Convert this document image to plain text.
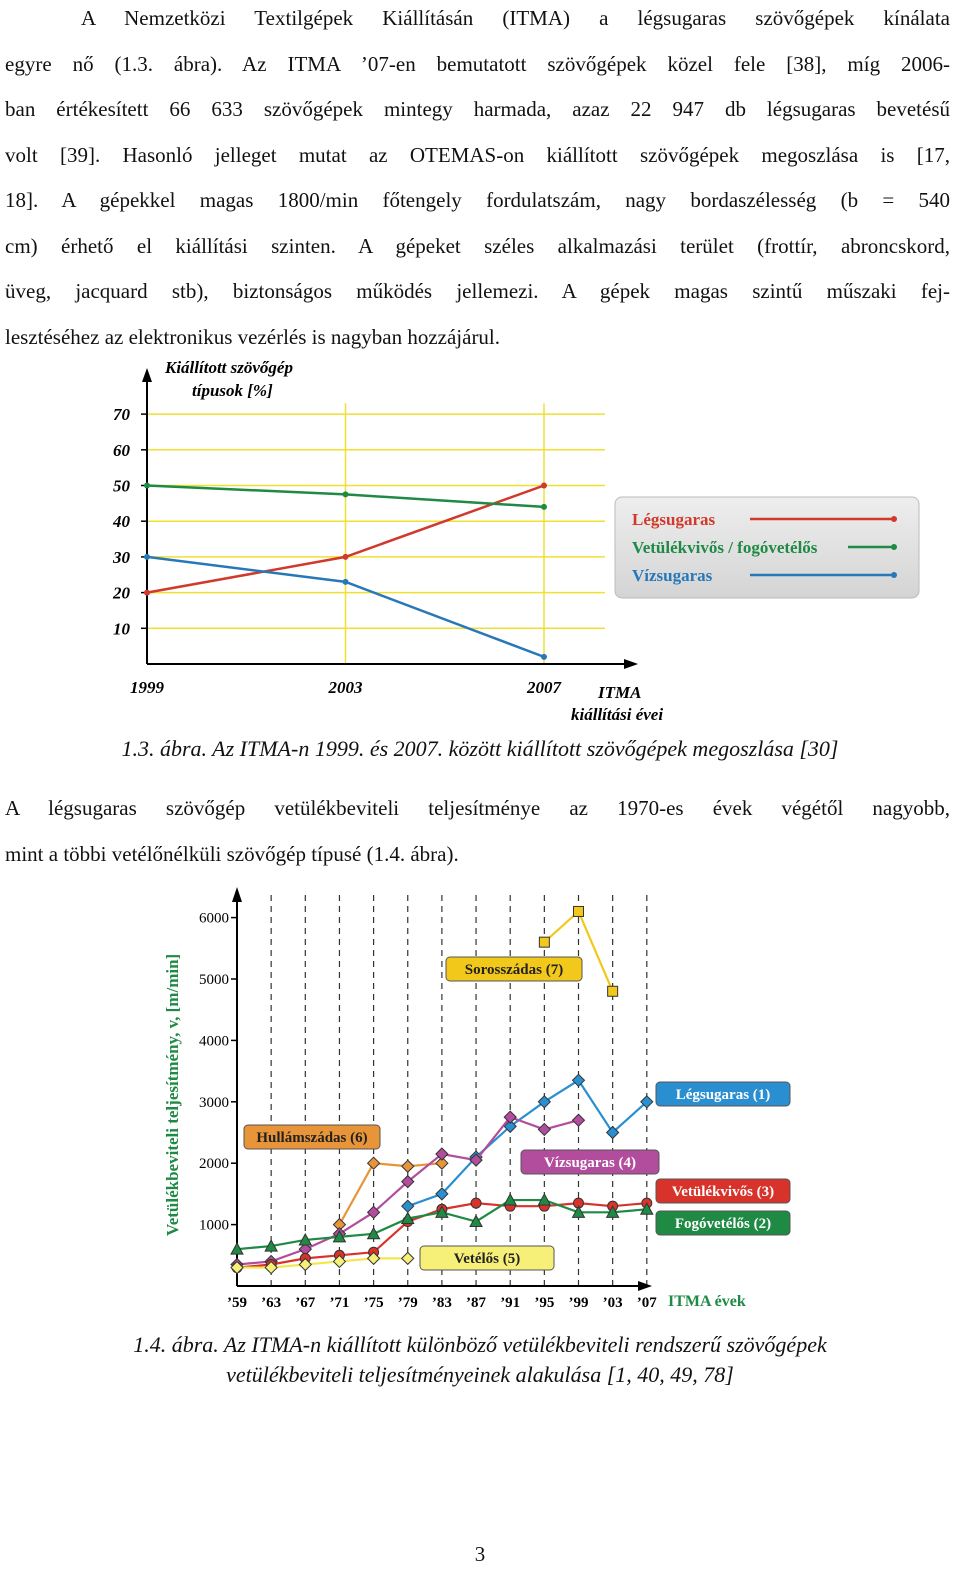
A Nemzetközi Textilgépek Kiállításán (ITMA) a légsugaras szövőgépek kínálata
egyre nő (1.3. ábra). Az ITMA ’07-en bemutatott szövőgépek közel fele [38], míg 2006-
ban értékesített 66 633 szövőgépek mintegy harmada, azaz 22 947 db légsugaras bevetésű
volt [39]. Hasonló jelleget mutat az OTEMAS-on kiállított szövőgépek megoszlása is [17,
18]. A gépekkel magas 1800/min főtengely fordulatszám, nagy bordaszélesség (b = 540
cm) érhető el kiállítási szinten. A gépeket széles alkalmazási terület (frottír, abroncskord,
üveg, jacquard stb), biztonságos működés jellemezi. A gépek magas szintű műszaki fej-
lesztéséhez az elektronikus vezérlés is nagyban hozzájárul.
70
60
50
40
30
20
10
1999	2003	2007
Kiállított szövőgép
típusok [%]
ITMA
kiállítási évei
Légsugaras
Vetülékvivős / fogóvetélős
Vízsugaras

1.3. ábra. Az ITMA-n 1999. és 2007. között kiállított szövőgépek megoszlása [30]

A légsugaras szövőgép vetülékbeviteli teljesítménye az 1970-es évek végétől nagyobb,
mint a többi vetélőnélküli szövőgép típusé (1.4. ábra).
6000
5000
4000
3000
2000
1000
’59 ’63 ’67 ’71 ’75 ’79 ’83 ’87 ’91 ’95 ’99 ’03 ’07
Sorosszádas (7)
Légsugaras (1)
Hullámszádas (6)
Vízsugaras (4)
Vetülékvivős (3)
Fogóvetélős (2)
Vetélős (5)
Vetülékbeviteli teljesítmény, v, [m/min]
ITMA évek
1.4. ábra. Az ITMA-n kiállított különböző vetülékbeviteli rendszerű szövőgépek
vetülékbeviteli teljesítményeinek alakulása [1, 40, 49, 78]
3
